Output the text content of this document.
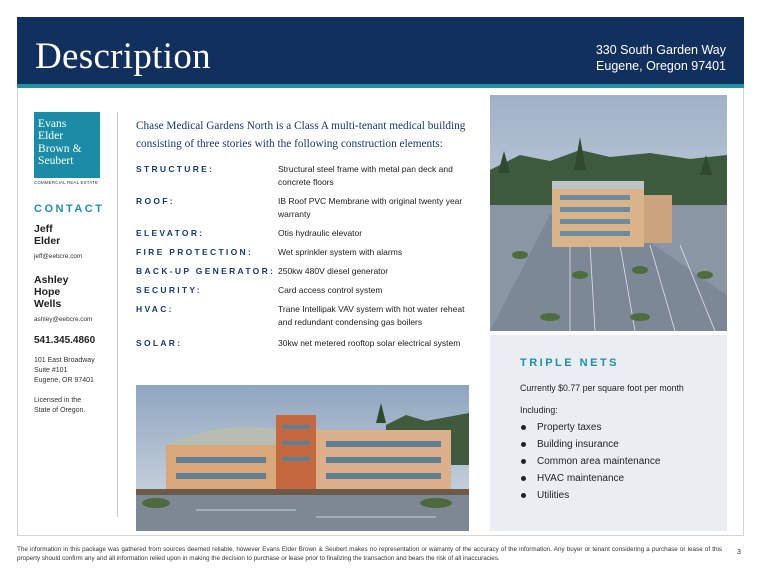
Description	330 South Garden Way
Eugene, Oregon 97401
Evans
Elder
Brown &
Seubert
COMMERCIAL REAL ESTATE
CONTACT
Jeff
Elder
jeff@eebcre.com
Ashley
Hope
Wells
ashley@eebcre.com
541.345.4860
101 East Broadway
Suite #101
Eugene, OR 97401
Licensed in the
State of Oregon.
Chase Medical Gardens North is a Class A multi-tenant medical building consisting of three stories with the following construction elements:
STRUCTURE:	Structural steel frame with metal pan deck and concrete floors
ROOF:	IB Roof PVC Membrane with original twenty year warranty
ELEVATOR:	Otis hydraulic elevator
FIRE PROTECTION:	Wet sprinkler system with alarms
BACK-UP GENERATOR: 250kw 480V diesel generator
SECURITY:	Card access control system
HVAC:	Trane Intellipak VAV system with hot water reheat and redundant condensing gas boilers
SOLAR:	30kw net metered rooftop solar electrical system
TRIPLE NETS
Currently $0.77 per square foot per month
Including:
Property taxes
Building insurance
Common area maintenance
HVAC maintenance
Utilities
The information in this package was gathered from sources deemed reliable, however Evans Elder Brown & Seubert makes no representation or warranty of the accuracy of the information. Any buyer or tenant considering a purchase or lease of this property should confirm any and all information relied upon in making the decision to purchase or lease prior to finalizing the transaction and bears the risk of all inaccuracies.
3
